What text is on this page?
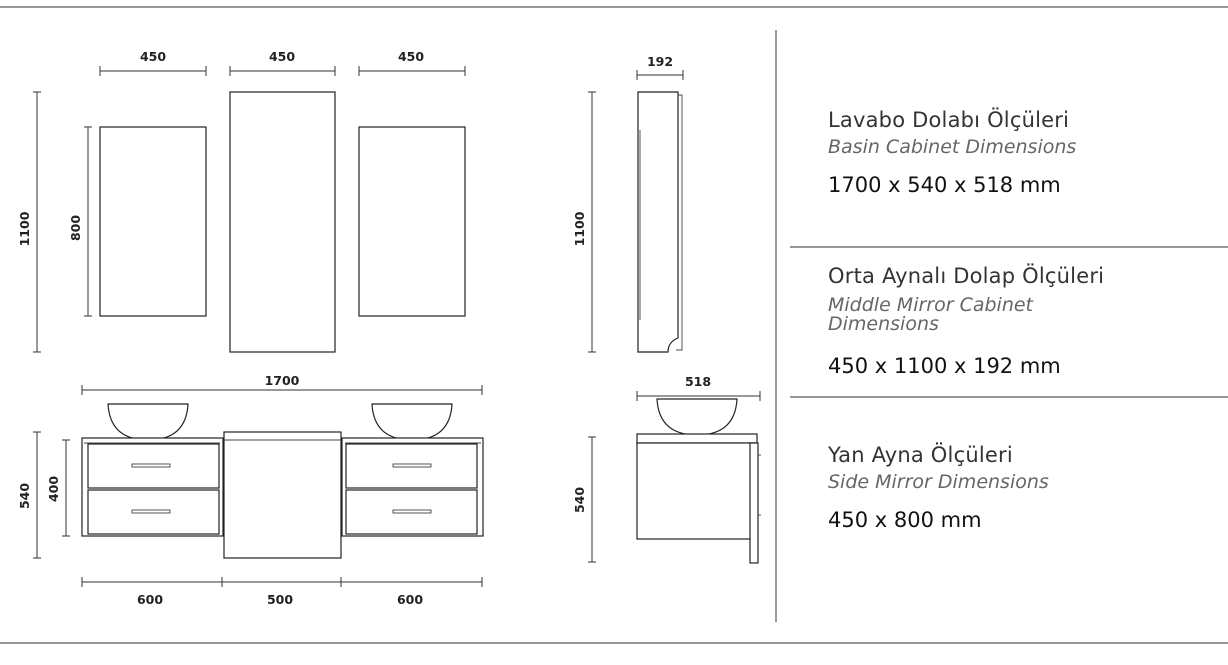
450	450	450
1100	800
192
1100
1700
540 400
600	500	600
518
540
Lavabo Dolabı Ölçüleri
Basin Cabinet Dimensions
1700 x 540 x 518 mm
Orta Aynalı Dolap Ölçüleri
Middle Mirror Cabinet Dimensions
450 x 1100 x 192 mm
Yan Ayna Ölçüleri
Side Mirror Dimensions
450 x 800 mm
